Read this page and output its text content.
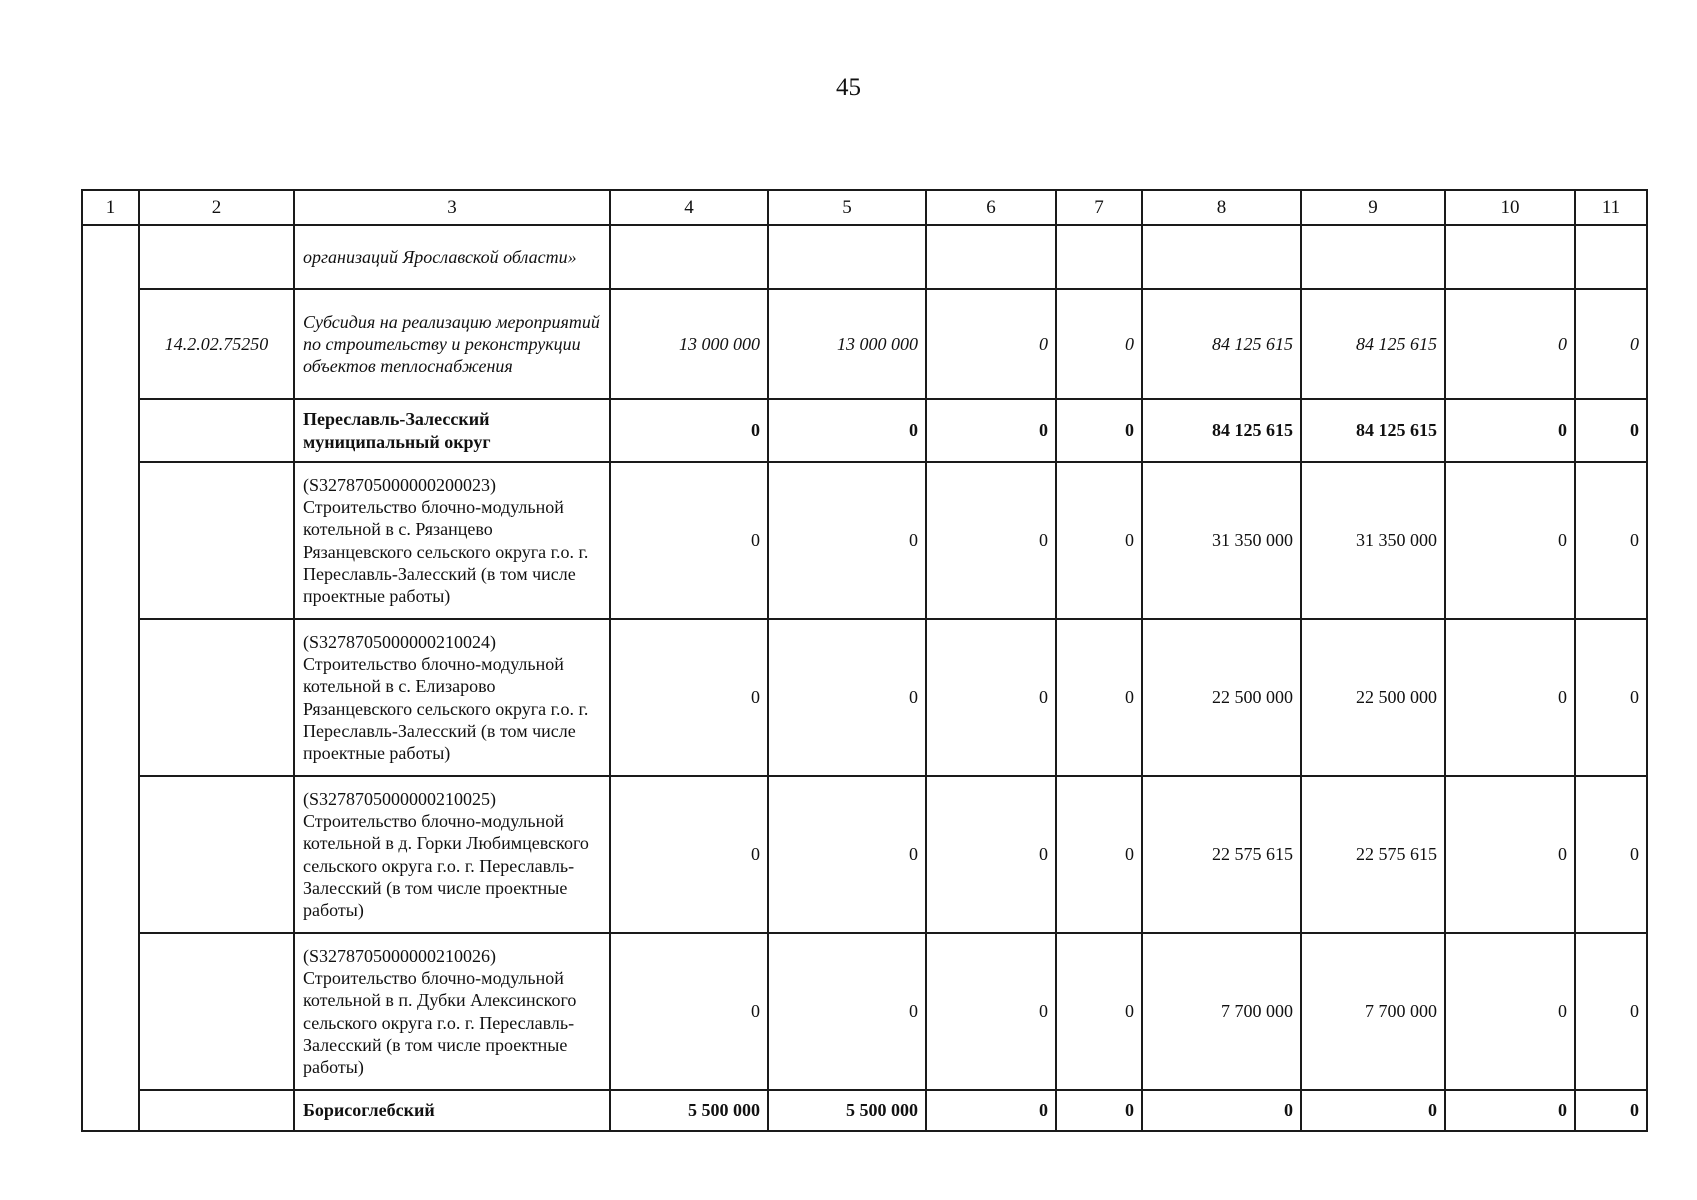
45
1	2	3	4	5	6	7	8	9	10	11
		организаций Ярославской области»								
	14.2.02.75250	Субсидия на реализацию мероприятий по строительству и реконструкции объектов теплоснабжения	13 000 000	13 000 000	0	0	84 125 615	84 125 615	0	0
		Переславль-Залесский муниципальный округ	0	0	0	0	84 125 615	84 125 615	0	0
		(S3278705000000200023) Строительство блочно-модульной котельной в с. Рязанцево Рязанцевского сельского округа г.о. г. Переславль-Залесский (в том числе проектные работы)	0	0	0	0	31 350 000	31 350 000	0	0
		(S3278705000000210024) Строительство блочно-модульной котельной в с. Елизарово Рязанцевского сельского округа г.о. г. Переславль-Залесский (в том числе проектные работы)	0	0	0	0	22 500 000	22 500 000	0	0
		(S3278705000000210025) Строительство блочно-модульной котельной в д. Горки Любимцевского сельского округа г.о. г. Переславль-Залесский (в том числе проектные работы)	0	0	0	0	22 575 615	22 575 615	0	0
		(S3278705000000210026) Строительство блочно-модульной котельной в п. Дубки Алексинского сельского округа г.о. г. Переславль-Залесский (в том числе проектные работы)	0	0	0	0	7 700 000	7 700 000	0	0
		Борисоглебский	5 500 000	5 500 000	0	0	0	0	0	0
